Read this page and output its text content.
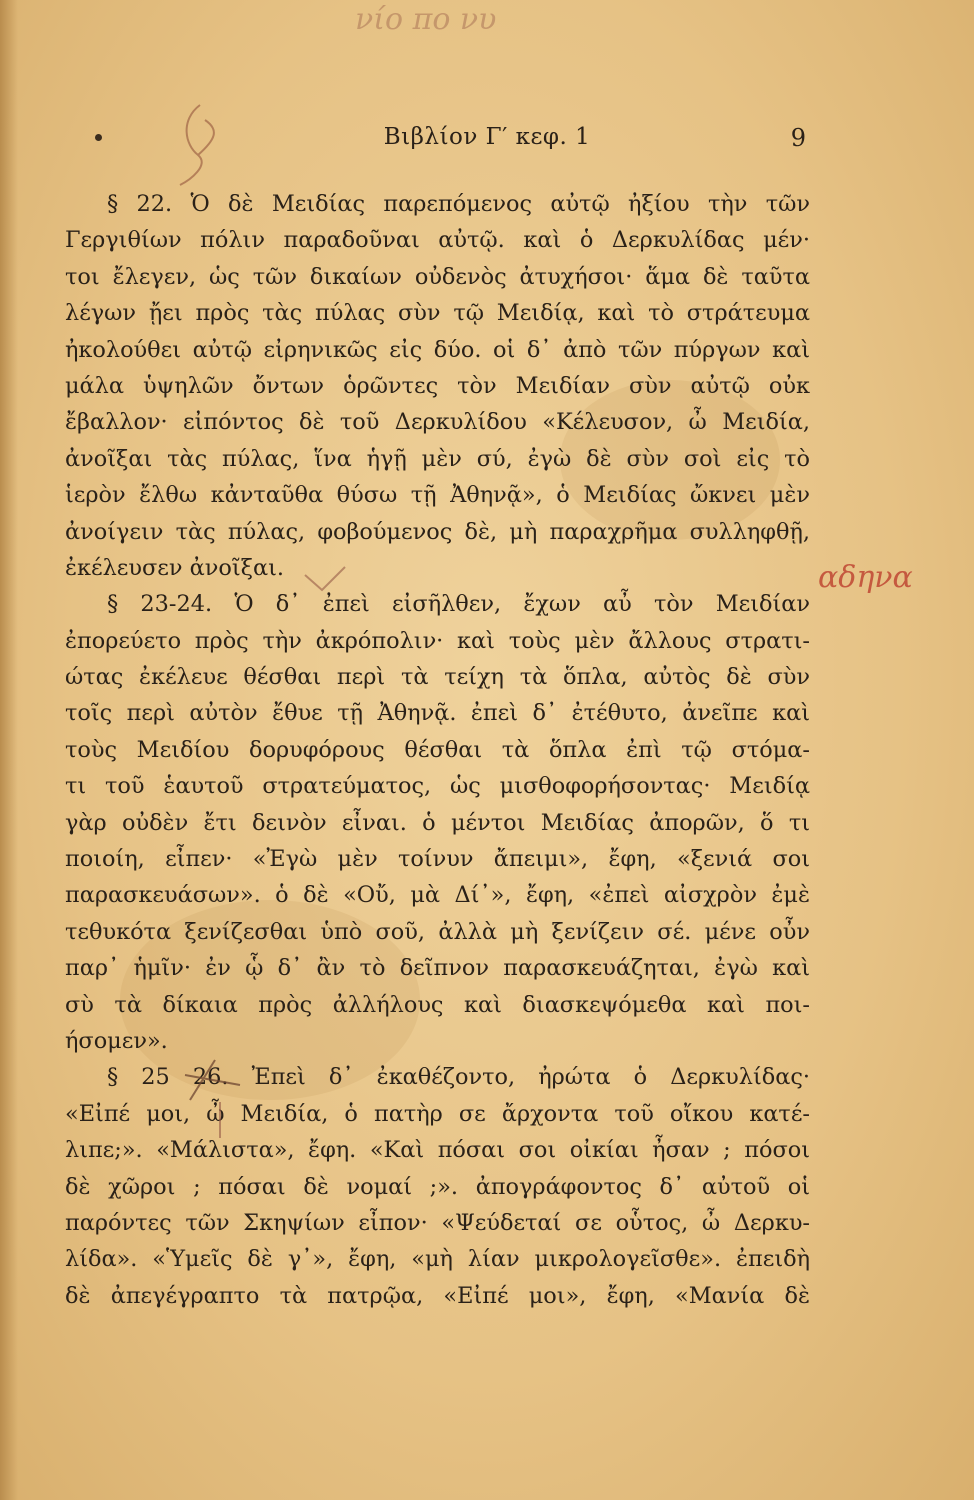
νίο πο νυ
Βιβλίον Γ′ κεφ. 1	9
§ 22. Ὁ δὲ Μειδίας παρεπόμενος αὐτῷ ἠξίου τὴν τῶν
Γεργιθίων πόλιν παραδοῦναι αὐτῷ. καὶ ὁ Δερκυλίδας μέν·
τοι ἔλεγεν, ὡς τῶν δικαίων οὐδενὸς ἀτυχήσοι· ἅμα δὲ ταῦτα
λέγων ᾔει πρὸς τὰς πύλας σὺν τῷ Μειδίᾳ, καὶ τὸ στράτευμα
ἠκολούθει αὐτῷ εἰρηνικῶς εἰς δύο. οἱ δ᾽ ἀπὸ τῶν πύργων καὶ
μάλα ὑψηλῶν ὄντων ὁρῶντες τὸν Μειδίαν σὺν αὐτῷ οὐκ
ἔβαλλον· εἰπόντος δὲ τοῦ Δερκυλίδου «Κέλευσον, ὦ Μειδία,
ἀνοῖξαι τὰς πύλας, ἵνα ἡγῇ μὲν σύ, ἐγὼ δὲ σὺν σοὶ εἰς τὸ
ἱερὸν ἔλθω κἀνταῦθα θύσω τῇ Ἀθηνᾷ», ὁ Μειδίας ὤκνει μὲν
ἀνοίγειν τὰς πύλας, φοβούμενος δὲ, μὴ παραχρῆμα συλληφθῇ,
ἐκέλευσεν ἀνοῖξαι.
§ 23-24. Ὁ δ᾽ ἐπεὶ εἰσῆλθεν, ἔχων αὖ τὸν Μειδίαν
ἐπορεύετο πρὸς τὴν ἀκρόπολιν· καὶ τοὺς μὲν ἄλλους στρατι-
ώτας ἐκέλευε θέσθαι περὶ τὰ τείχη τὰ ὅπλα, αὐτὸς δὲ σὺν
τοῖς περὶ αὐτὸν ἔθυε τῇ Ἀθηνᾷ. ἐπεὶ δ᾽ ἐτέθυτο, ἀνεῖπε καὶ
τοὺς Μειδίου δορυφόρους θέσθαι τὰ ὅπλα ἐπὶ τῷ στόμα-
τι τοῦ ἑαυτοῦ στρατεύματος, ὡς μισθοφορήσοντας· Μειδίᾳ
γὰρ οὐδὲν ἔτι δεινὸν εἶναι. ὁ μέντοι Μειδίας ἀπορῶν, ὅ τι
ποιοίη, εἶπεν· «Ἐγὼ μὲν τοίνυν ἄπειμι», ἔφη, «ξενιά σοι
παρασκευάσων». ὁ δὲ «Οὔ, μὰ Δί᾽», ἔφη, «ἐπεὶ αἰσχρὸν ἐμὲ
τεθυκότα ξενίζεσθαι ὑπὸ σοῦ, ἀλλὰ μὴ ξενίζειν σέ. μένε οὖν
παρ᾽ ἡμῖν· ἐν ᾧ δ᾽ ἂν τὸ δεῖπνον παρασκευάζηται, ἐγὼ καὶ
σὺ τὰ δίκαια πρὸς ἀλλήλους καὶ διασκεψόμεθα καὶ ποι-
ήσομεν».
§ 25 26. Ἐπεὶ δ᾽ ἐκαθέζοντο, ἠρώτα ὁ Δερκυλίδας·
«Εἰπέ μοι, ὦ Μειδία, ὁ πατὴρ σε ἄρχοντα τοῦ οἴκου κατέ-
λιπε;». «Μάλιστα», ἔφη. «Καὶ πόσαι σοι οἰκίαι ἦσαν ; πόσοι
δὲ χῶροι ; πόσαι δὲ νομαί ;». ἀπογράφοντος δ᾽ αὐτοῦ οἱ
παρόντες τῶν Σκηψίων εἶπον· «Ψεύδεταί σε οὗτος, ὦ Δερκυ-
λίδα». «Ὑμεῖς δὲ γ᾽», ἔφη, «μὴ λίαν μικρολογεῖσθε». ἐπειδὴ
δὲ ἀπεγέγραπτο τὰ πατρῷα, «Εἰπέ μοι», ἔφη, «Μανία δὲ
αδηνα
